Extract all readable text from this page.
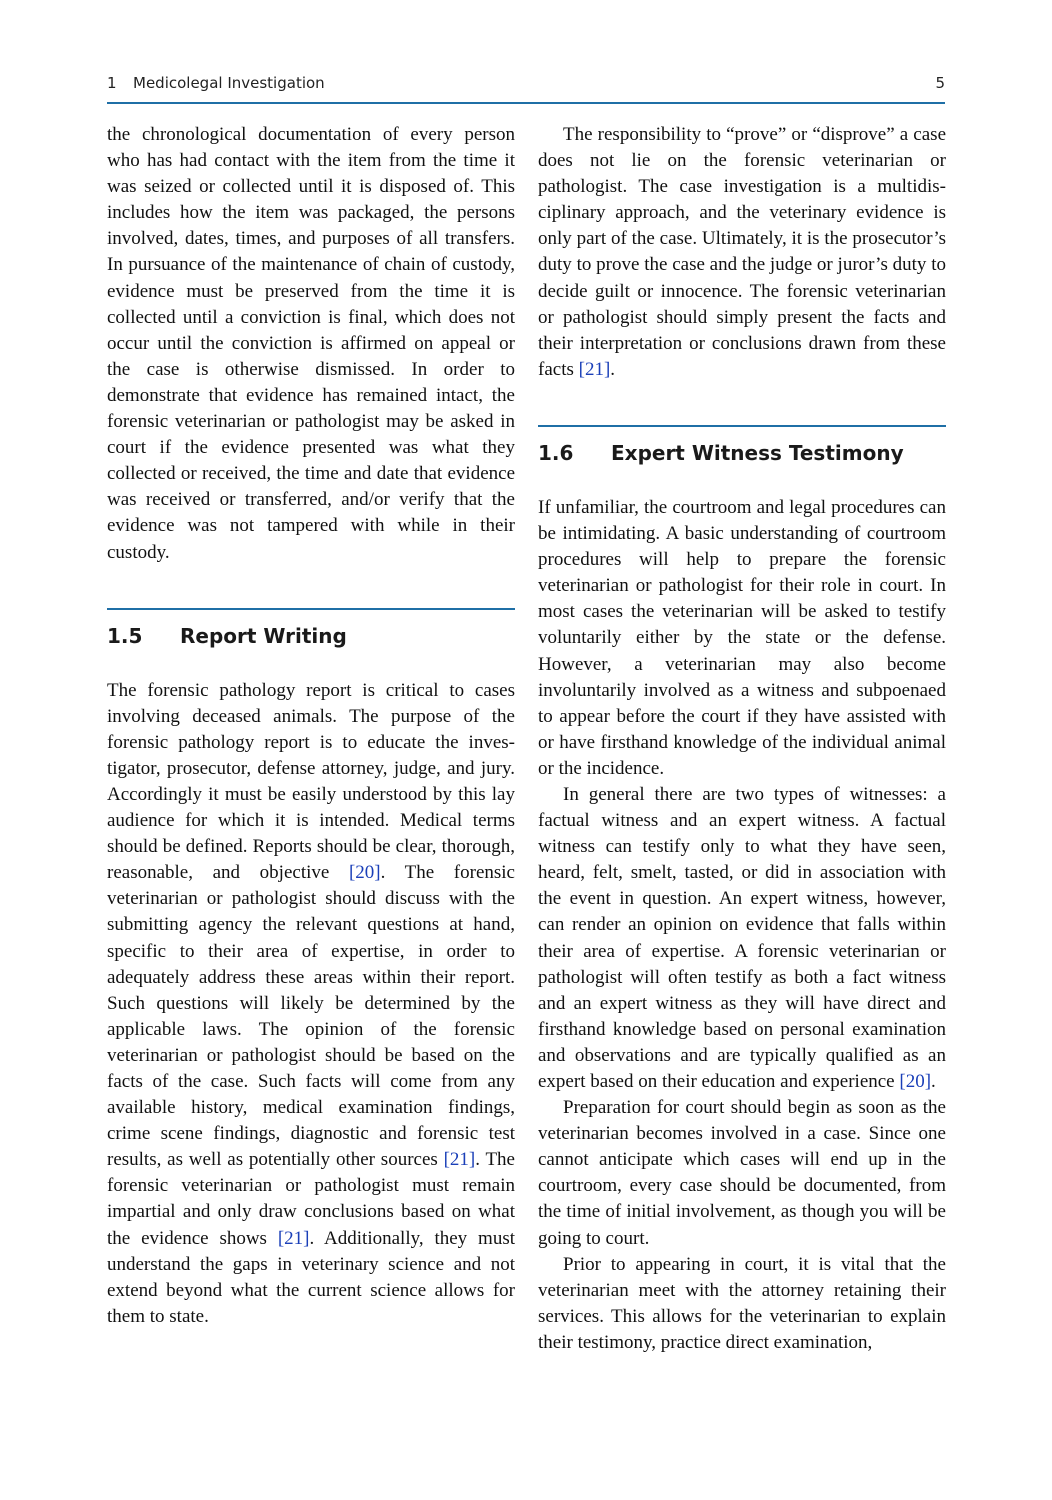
1 Medicolegal Investigation	5

the chronological documentation of every person who has had contact with the item from the time it was seized or collected until it is disposed of. This includes how the item was packaged, the persons involved, dates, times, and purposes of all transfers. In pursuance of the maintenance of chain of custody, evidence must be preserved from the time it is collected until a conviction is final, which does not occur until the conviction is affirmed on appeal or the case is otherwise dismissed. In order to demonstrate that evidence has remained intact, the forensic veterinarian or pathologist may be asked in court if the evidence presented was what they collected or received, the time and date that evidence was received or transferred, and/or verify that the evidence was not tampered with while in their custody.

1.5	Report Writing

The forensic pathology report is critical to cases involving deceased animals. The purpose of the forensic pathology report is to educate the investigator, prosecutor, defense attorney, judge, and jury. Accordingly it must be easily understood by this lay audience for which it is intended. Medical terms should be defined. Reports should be clear, thorough, reasonable, and objective [20]. The forensic veterinarian or pathologist should discuss with the submitting agency the relevant questions at hand, specific to their area of expertise, in order to adequately address these areas within their report. Such questions will likely be determined by the applicable laws. The opinion of the forensic veterinarian or pathologist should be based on the facts of the case. Such facts will come from any available history, medical examination findings, crime scene findings, diagnostic and forensic test results, as well as potentially other sources [21]. The forensic veterinarian or pathologist must remain impartial and only draw conclusions based on what the evidence shows [21]. Additionally, they must understand the gaps in veterinary science and not extend beyond what the current science allows for them to state.

The responsibility to “prove” or “disprove” a case does not lie on the forensic veterinarian or pathologist. The case investigation is a multidisciplinary approach, and the veterinary evidence is only part of the case. Ultimately, it is the prosecutor’s duty to prove the case and the judge or juror’s duty to decide guilt or innocence. The forensic veterinarian or pathologist should simply present the facts and their interpretation or conclusions drawn from these facts [21].

1.6	Expert Witness Testimony

If unfamiliar, the courtroom and legal procedures can be intimidating. A basic understanding of courtroom procedures will help to prepare the forensic veterinarian or pathologist for their role in court. In most cases the veterinarian will be asked to testify voluntarily either by the state or the defense. However, a veterinarian may also become involuntarily involved as a witness and subpoenaed to appear before the court if they have assisted with or have firsthand knowledge of the individual animal or the incidence.

In general there are two types of witnesses: a factual witness and an expert witness. A factual witness can testify only to what they have seen, heard, felt, smelt, tasted, or did in association with the event in question. An expert witness, however, can render an opinion on evidence that falls within their area of expertise. A forensic veterinarian or pathologist will often testify as both a fact witness and an expert witness as they will have direct and firsthand knowledge based on personal examination and observations and are typically qualified as an expert based on their education and experience [20].

Preparation for court should begin as soon as the veterinarian becomes involved in a case. Since one cannot anticipate which cases will end up in the courtroom, every case should be documented, from the time of initial involvement, as though you will be going to court.

Prior to appearing in court, it is vital that the veterinarian meet with the attorney retaining their services. This allows for the veterinarian to explain their testimony, practice direct examination,
